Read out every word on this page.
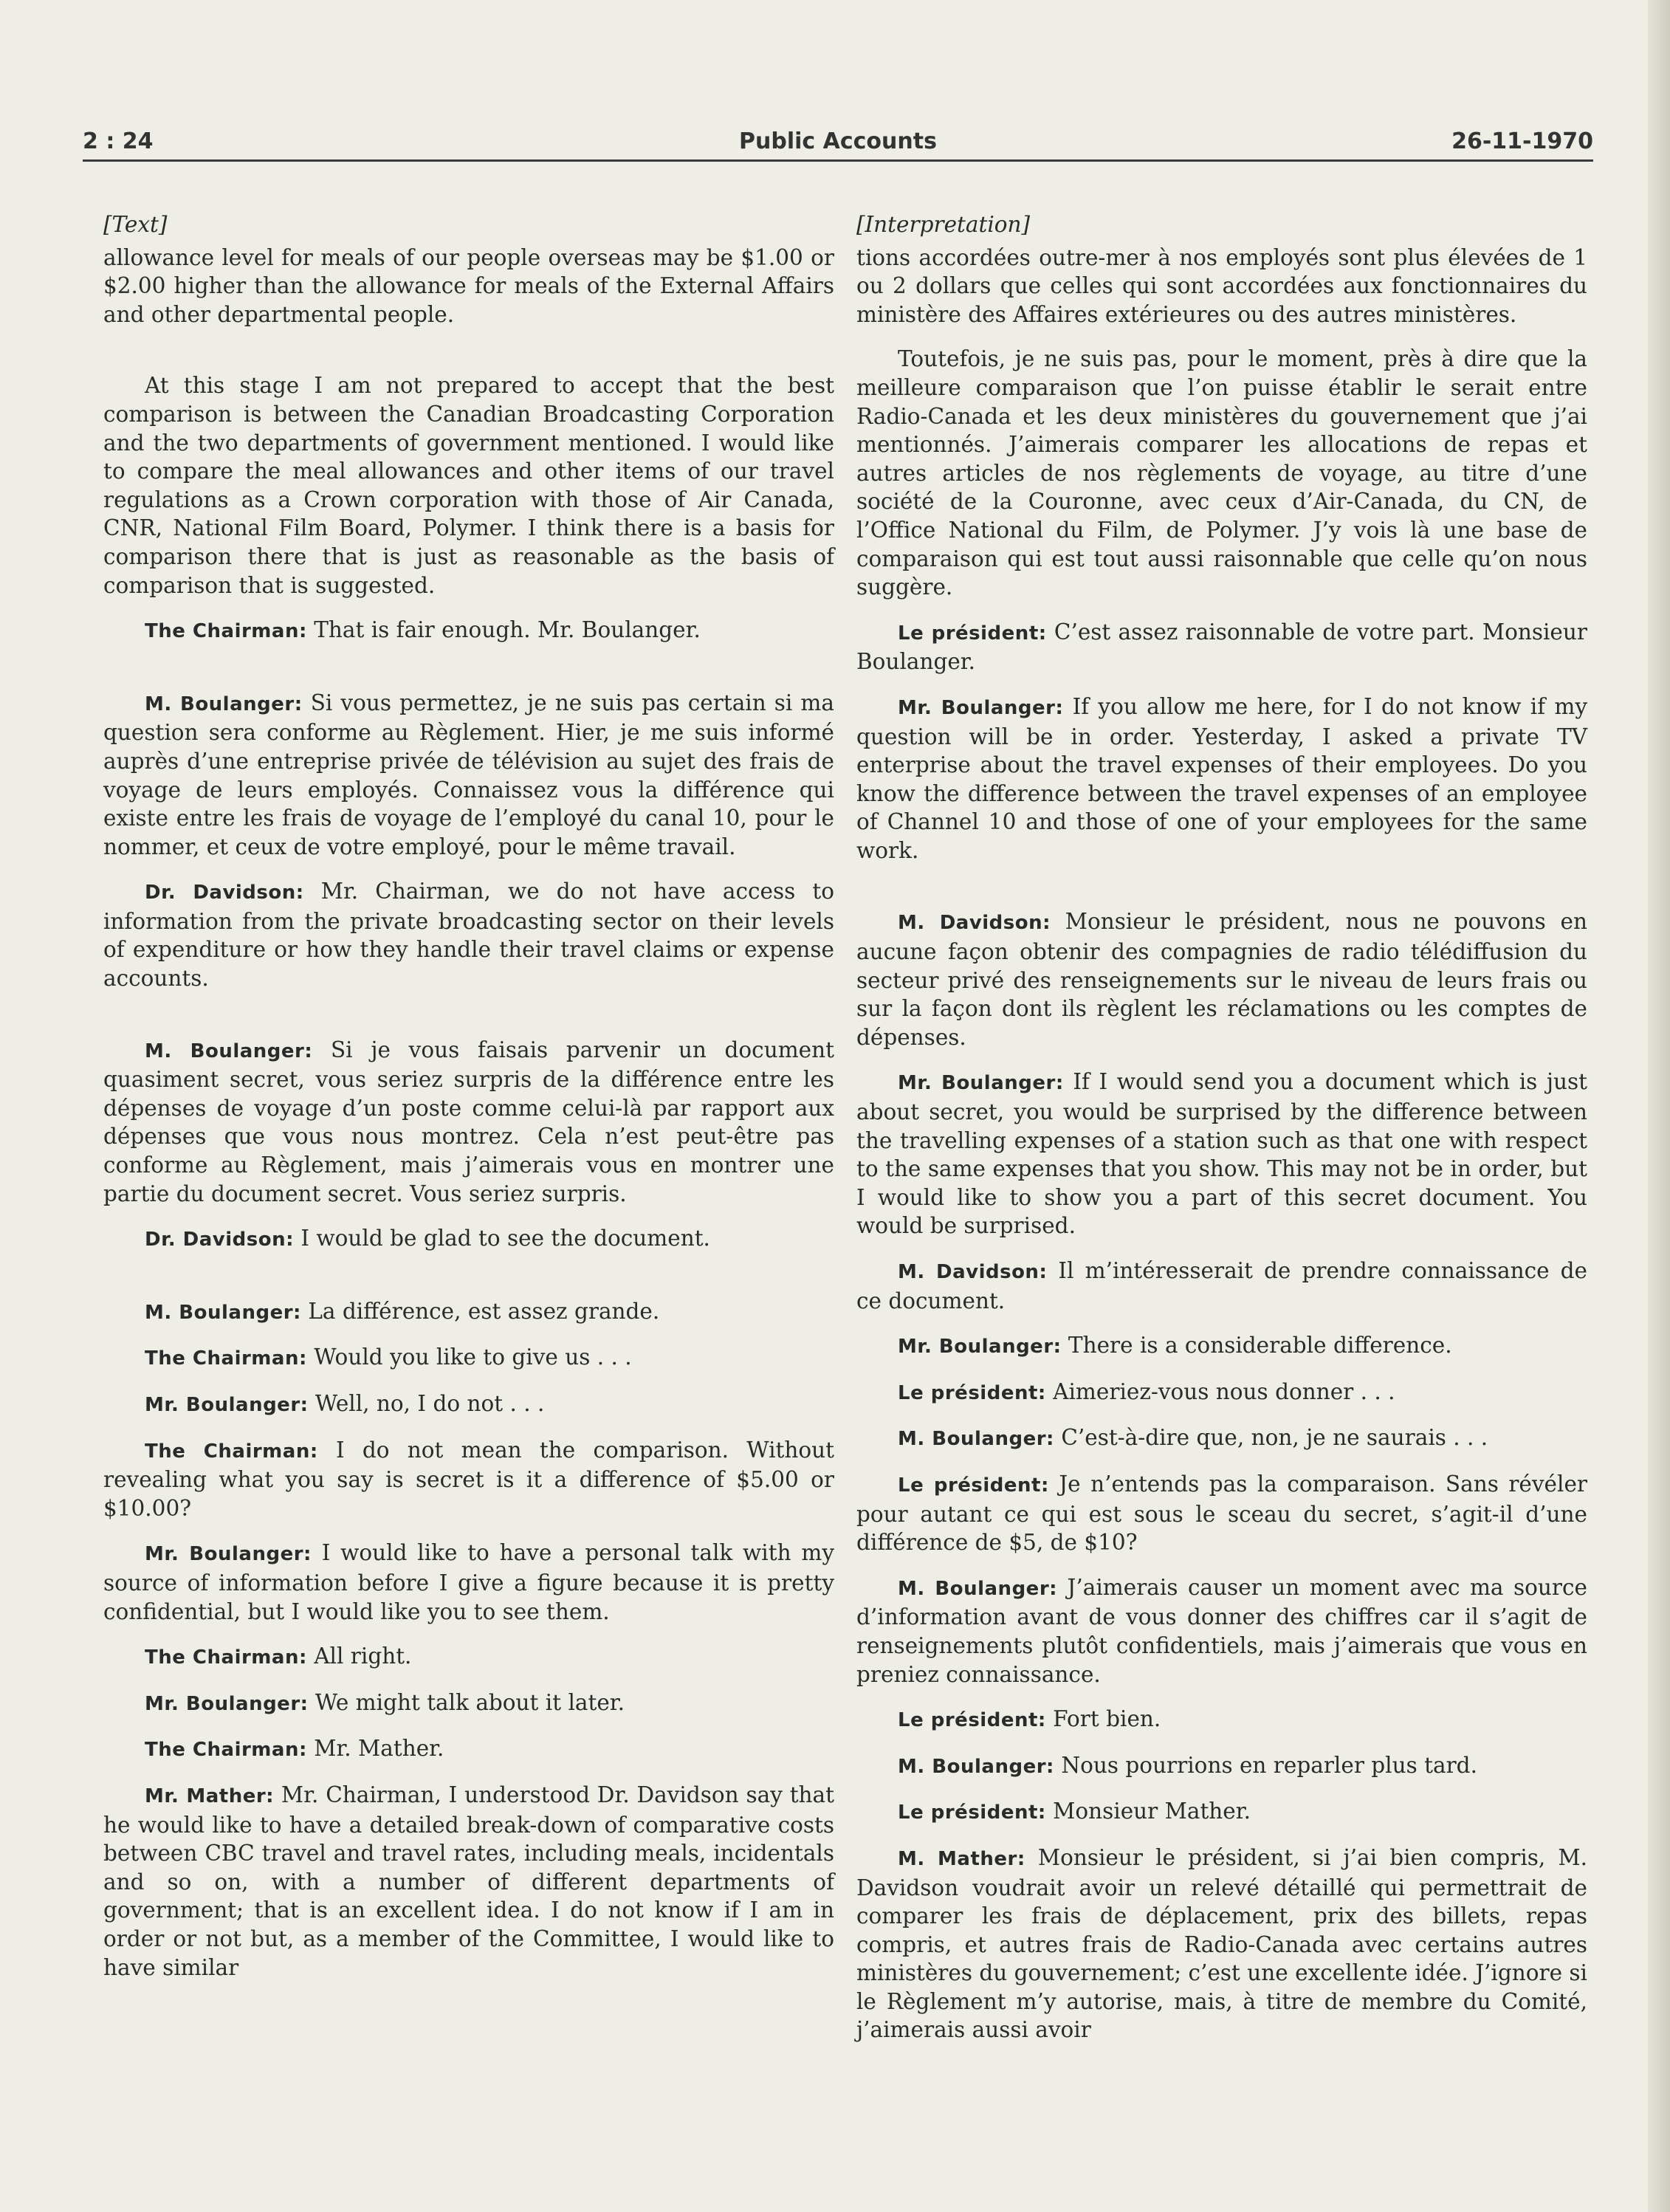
2 : 24	Public Accounts	26-11-1970
[Text]

allowance level for meals of our people overseas may be $1.00 or $2.00 higher than the allowance for meals of the External Affairs and other departmental people.

At this stage I am not prepared to accept that the best comparison is between the Canadian Broadcasting Corporation and the two departments of government mentioned. I would like to compare the meal allowances and other items of our travel regulations as a Crown corporation with those of Air Canada, CNR, National Film Board, Polymer. I think there is a basis for comparison there that is just as reasonable as the basis of comparison that is suggested.

The Chairman: That is fair enough. Mr. Boulanger.

M. Boulanger: Si vous permettez, je ne suis pas certain si ma question sera conforme au Règlement. Hier, je me suis informé auprès d’une entreprise privée de télévision au sujet des frais de voyage de leurs employés. Connaissez vous la différence qui existe entre les frais de voyage de l’employé du canal 10, pour le nommer, et ceux de votre employé, pour le même travail.

Dr. Davidson: Mr. Chairman, we do not have access to information from the private broadcasting sector on their levels of expenditure or how they handle their travel claims or expense accounts.

M. Boulanger: Si je vous faisais parvenir un document quasiment secret, vous seriez surpris de la différence entre les dépenses de voyage d’un poste comme celui-là par rapport aux dépenses que vous nous montrez. Cela n’est peut-être pas conforme au Règlement, mais j’aimerais vous en montrer une partie du document secret. Vous seriez surpris.

Dr. Davidson: I would be glad to see the document.

M. Boulanger: La différence, est assez grande.

The Chairman: Would you like to give us . . .

Mr. Boulanger: Well, no, I do not . . .

The Chairman: I do not mean the comparison. Without revealing what you say is secret is it a difference of $5.00 or $10.00?

Mr. Boulanger: I would like to have a personal talk with my source of information before I give a figure because it is pretty confidential, but I would like you to see them.

The Chairman: All right.

Mr. Boulanger: We might talk about it later.

The Chairman: Mr. Mather.

Mr. Mather: Mr. Chairman, I understood Dr. Davidson say that he would like to have a detailed break-down of comparative costs between CBC travel and travel rates, including meals, incidentals and so on, with a number of different departments of government; that is an excellent idea. I do not know if I am in order or not but, as a member of the Committee, I would like to have similar

[Interpretation]

tions accordées outre-mer à nos employés sont plus élevées de 1 ou 2 dollars que celles qui sont accordées aux fonctionnaires du ministère des Affaires extérieures ou des autres ministères.

Toutefois, je ne suis pas, pour le moment, près à dire que la meilleure comparaison que l’on puisse établir le serait entre Radio-Canada et les deux ministères du gouvernement que j’ai mentionnés. J’aimerais comparer les allocations de repas et autres articles de nos règlements de voyage, au titre d’une société de la Couronne, avec ceux d’Air-Canada, du CN, de l’Office National du Film, de Polymer. J’y vois là une base de comparaison qui est tout aussi raisonnable que celle qu’on nous suggère.

Le président: C’est assez raisonnable de votre part. Monsieur Boulanger.

Mr. Boulanger: If you allow me here, for I do not know if my question will be in order. Yesterday, I asked a private TV enterprise about the travel expenses of their employees. Do you know the difference between the travel expenses of an employee of Channel 10 and those of one of your employees for the same work.

M. Davidson: Monsieur le président, nous ne pouvons en aucune façon obtenir des compagnies de radio télédiffusion du secteur privé des renseignements sur le niveau de leurs frais ou sur la façon dont ils règlent les réclamations ou les comptes de dépenses.

Mr. Boulanger: If I would send you a document which is just about secret, you would be surprised by the difference between the travelling expenses of a station such as that one with respect to the same expenses that you show. This may not be in order, but I would like to show you a part of this secret document. You would be surprised.

M. Davidson: Il m’intéresserait de prendre connaissance de ce document.

Mr. Boulanger: There is a considerable difference.

Le président: Aimeriez-vous nous donner . . .

M. Boulanger: C’est-à-dire que, non, je ne saurais . . .

Le président: Je n’entends pas la comparaison. Sans révéler pour autant ce qui est sous le sceau du secret, s’agit-il d’une différence de $5, de $10?

M. Boulanger: J’aimerais causer un moment avec ma source d’information avant de vous donner des chiffres car il s’agit de renseignements plutôt confidentiels, mais j’aimerais que vous en preniez connaissance.

Le président: Fort bien.

M. Boulanger: Nous pourrions en reparler plus tard.

Le président: Monsieur Mather.

M. Mather: Monsieur le président, si j’ai bien compris, M. Davidson voudrait avoir un relevé détaillé qui permettrait de comparer les frais de déplacement, prix des billets, repas compris, et autres frais de Radio-Canada avec certains autres ministères du gouvernement; c’est une excellente idée. J’ignore si le Règlement m’y autorise, mais, à titre de membre du Comité, j’aimerais aussi avoir
